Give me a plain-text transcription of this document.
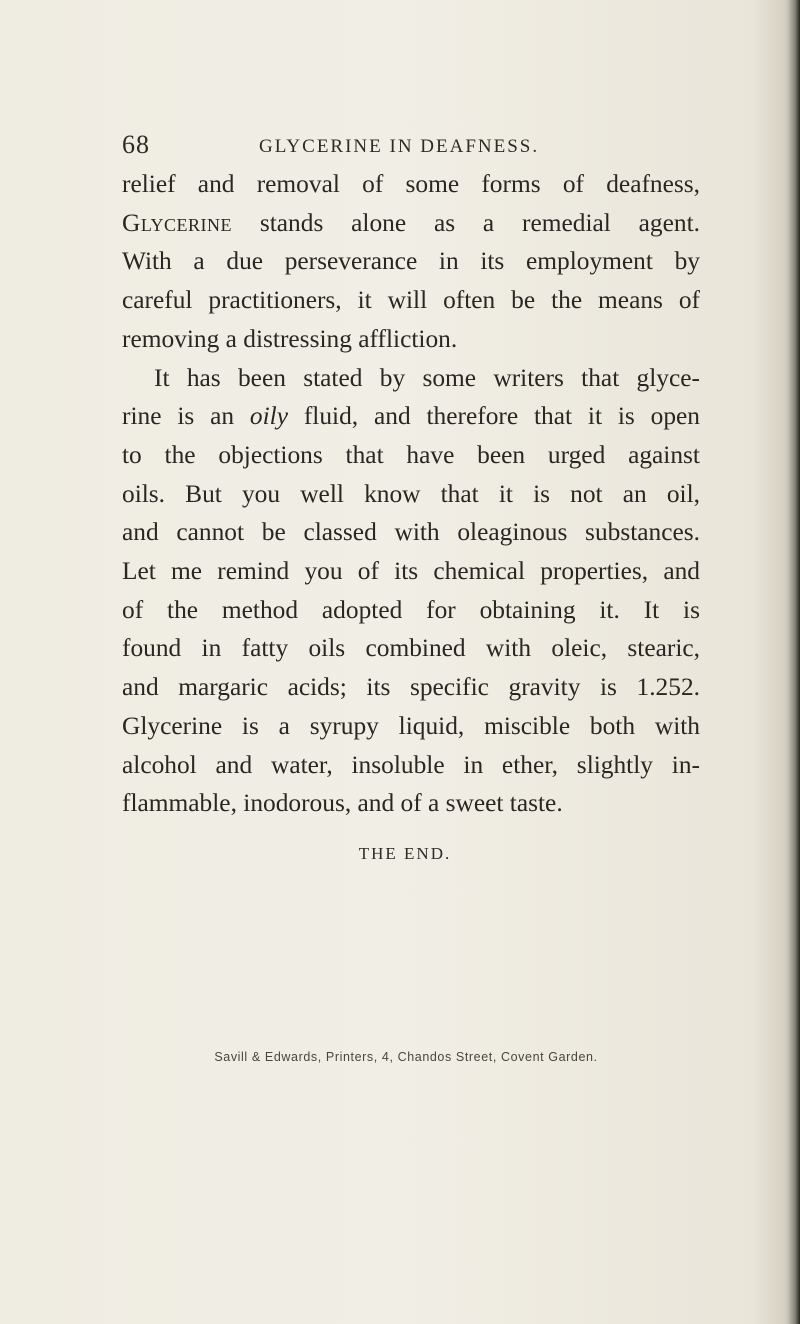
68	GLYCERINE IN DEAFNESS.
relief and removal of some forms of deafness,
Glycerine stands alone as a remedial agent.
With a due perseverance in its employment by
careful practitioners, it will often be the means of
removing a distressing affliction.
It has been stated by some writers that glyce-
rine is an oily fluid, and therefore that it is open
to the objections that have been urged against
oils. But you well know that it is not an oil,
and cannot be classed with oleaginous substances.
Let me remind you of its chemical properties, and
of the method adopted for obtaining it. It is
found in fatty oils combined with oleic, stearic,
and margaric acids; its specific gravity is 1.252.
Glycerine is a syrupy liquid, miscible both with
alcohol and water, insoluble in ether, slightly in-
flammable, inodorous, and of a sweet taste.
THE END.
Savill & Edwards, Printers, 4, Chandos Street, Covent Garden.
